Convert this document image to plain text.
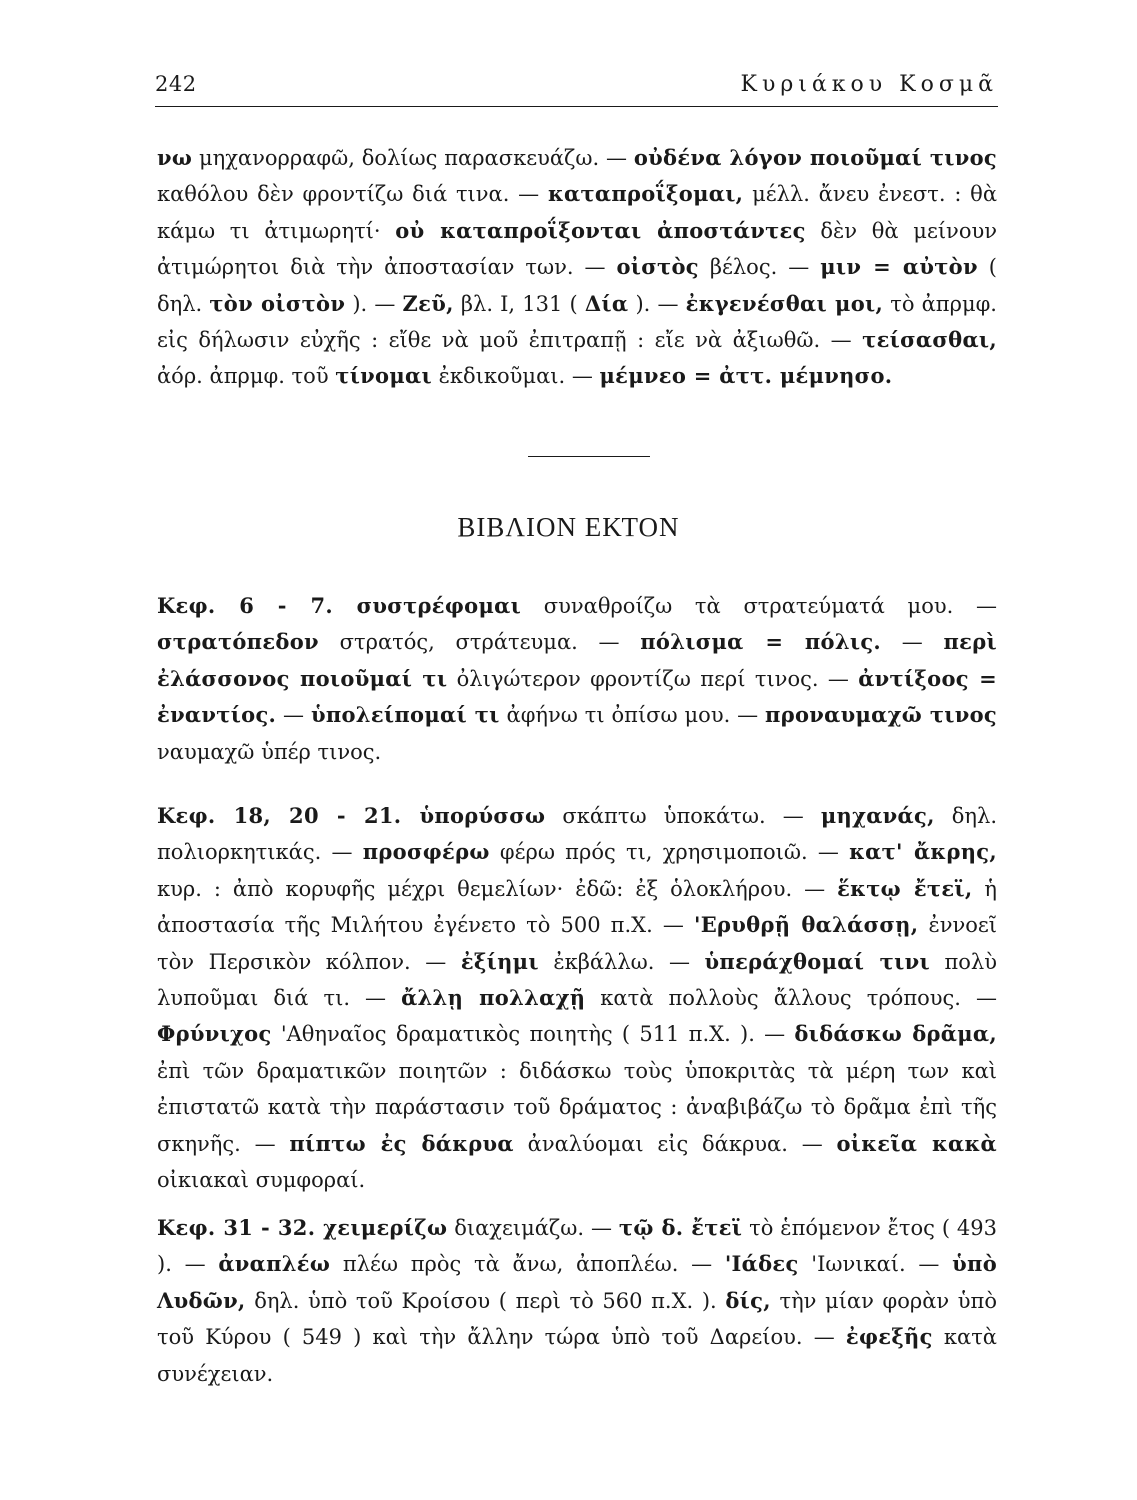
242	Κυριάκου Κοσμᾶ

νω μηχανορραφῶ, δολίως παρασκευάζω. — οὐδένα λόγον ποιοῦμαί τινος καθόλου δὲν φροντίζω διά τινα. — καταπροΐξομαι, μέλλ. ἄνευ ἐνεστ. : θὰ κάμω τι ἀτιμωρητί· οὐ καταπροΐξονται ἀποστάντες δὲν θὰ μείνουν ἀτιμώρητοι διὰ τὴν ἀποστασίαν των. — οἰστὸς βέλος. — μιν = αὐτὸν ( δηλ. τὸν οἰστὸν ). — Ζεῦ, βλ. Ι, 131 ( Δία ). — ἐκγενέσθαι μοι, τὸ ἀπρμφ. εἰς δήλωσιν εὐχῆς : εἴθε νὰ μοῦ ἐπιτραπῇ : εἴε νὰ ἀξιωθῶ. — τείσασθαι, ἀόρ. ἀπρμφ. τοῦ τίνομαι ἐκδικοῦμαι. — μέμνεο = ἀττ. μέμνησο.

ΒΙΒΛΙΟΝ ΕΚΤΟΝ

Κεφ. 6 - 7. συστρέφομαι συναθροίζω τὰ στρατεύματά μου. — στρατόπεδον στρατός, στράτευμα. — πόλισμα = πόλις. — περὶ ἐλάσσονος ποιοῦμαί τι ὀλιγώτερον φροντίζω περί τινος. — ἀντίξοος = ἐναντίος. — ὑπολείπομαί τι ἀφήνω τι ὀπίσω μου. — προναυμαχῶ τινος ναυμαχῶ ὑπέρ τινος.

Κεφ. 18, 20 - 21. ὑπορύσσω σκάπτω ὑποκάτω. — μηχανάς, δηλ. πολιορκητικάς. — προσφέρω φέρω πρός τι, χρησιμοποιῶ. — κατ' ἄκρης, κυρ. : ἀπὸ κορυφῆς μέχρι θεμελίων· ἐδῶ: ἐξ ὁλοκλήρου. — ἕκτῳ ἔτεϊ, ἡ ἀποστασία τῆς Μιλήτου ἐγένετο τὸ 500 π.Χ. — 'Ερυθρῇ θαλάσσῃ, ἐννοεῖ τὸν Περσικὸν κόλπον. — ἐξίημι ἐκβάλλω. — ὑπεράχθομαί τινι πολὺ λυποῦμαι διά τι. — ἄλλῃ πολλαχῇ κατὰ πολλοὺς ἄλλους τρόπους. — Φρύνιχος 'Αθηναῖος δραματικὸς ποιητὴς ( 511 π.Χ. ). — διδάσκω δρᾶμα, ἐπὶ τῶν δραματικῶν ποιητῶν : διδάσκω τοὺς ὑποκριτὰς τὰ μέρη των καὶ ἐπιστατῶ κατὰ τὴν παράστασιν τοῦ δράματος : ἀναβιβάζω τὸ δρᾶμα ἐπὶ τῆς σκηνῆς. — πίπτω ἐς δάκρυα ἀναλύομαι εἰς δάκρυα. — οἰκεῖα κακὰ οἰκιακαὶ συμφοραί.

Κεφ. 31 - 32. χειμερίζω διαχειμάζω. — τῷ δ. ἔτεϊ τὸ ἑπόμενον ἔτος ( 493 ). — ἀναπλέω πλέω πρὸς τὰ ἄνω, ἀποπλέω. — 'Ιάδες 'Ιωνικαί. — ὑπὸ Λυδῶν, δηλ. ὑπὸ τοῦ Κροίσου ( περὶ τὸ 560 π.Χ. ). δίς, τὴν μίαν φορὰν ὑπὸ τοῦ Κύρου ( 549 ) καὶ τὴν ἄλλην τώρα ὑπὸ τοῦ Δαρείου. — ἐφεξῆς κατὰ συνέχειαν.
